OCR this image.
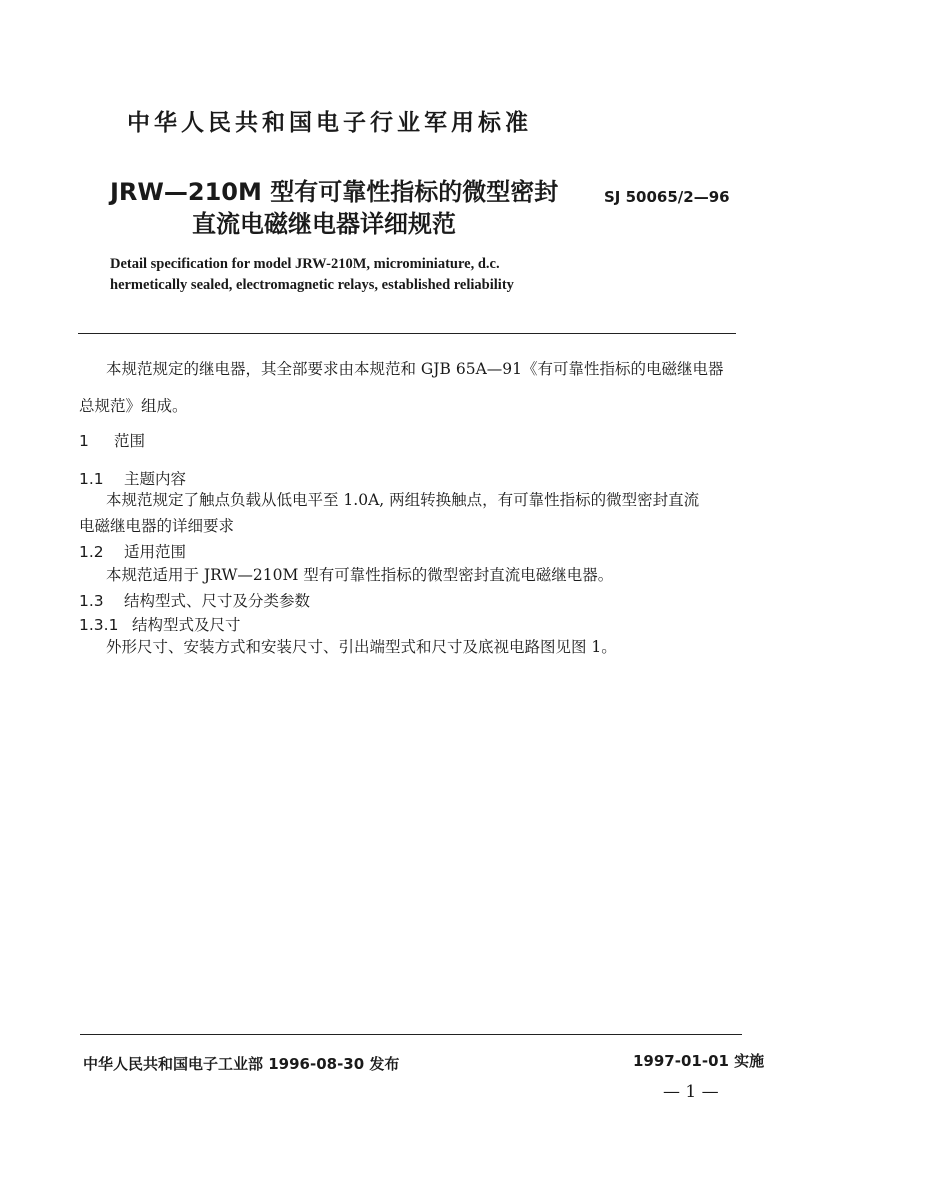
中华人民共和国电子行业军用标准
JRW—210M 型有可靠性指标的微型密封
直流电磁继电器详细规范
SJ 50065/2—96
Detail specification for model JRW-210M, microminiature, d.c.
hermetically sealed, electromagnetic relays, established reliability
本规范规定的继电器，其全部要求由本规范和 GJB 65A—91《有可靠性指标的电磁继电器
总规范》组成。
1 范围
1.1 主题内容
本规范规定了触点负载从低电平至 1.0A, 两组转换触点，有可靠性指标的微型密封直流
电磁继电器的详细要求
1.2 适用范围
本规范适用于 JRW—210M 型有可靠性指标的微型密封直流电磁继电器。
1.3 结构型式、尺寸及分类参数
1.3.1 结构型式及尺寸
外形尺寸、安装方式和安装尺寸、引出端型式和尺寸及底视电路图见图 1。
中华人民共和国电子工业部 1996-08-30 发布	1997-01-01 实施
— 1 —
